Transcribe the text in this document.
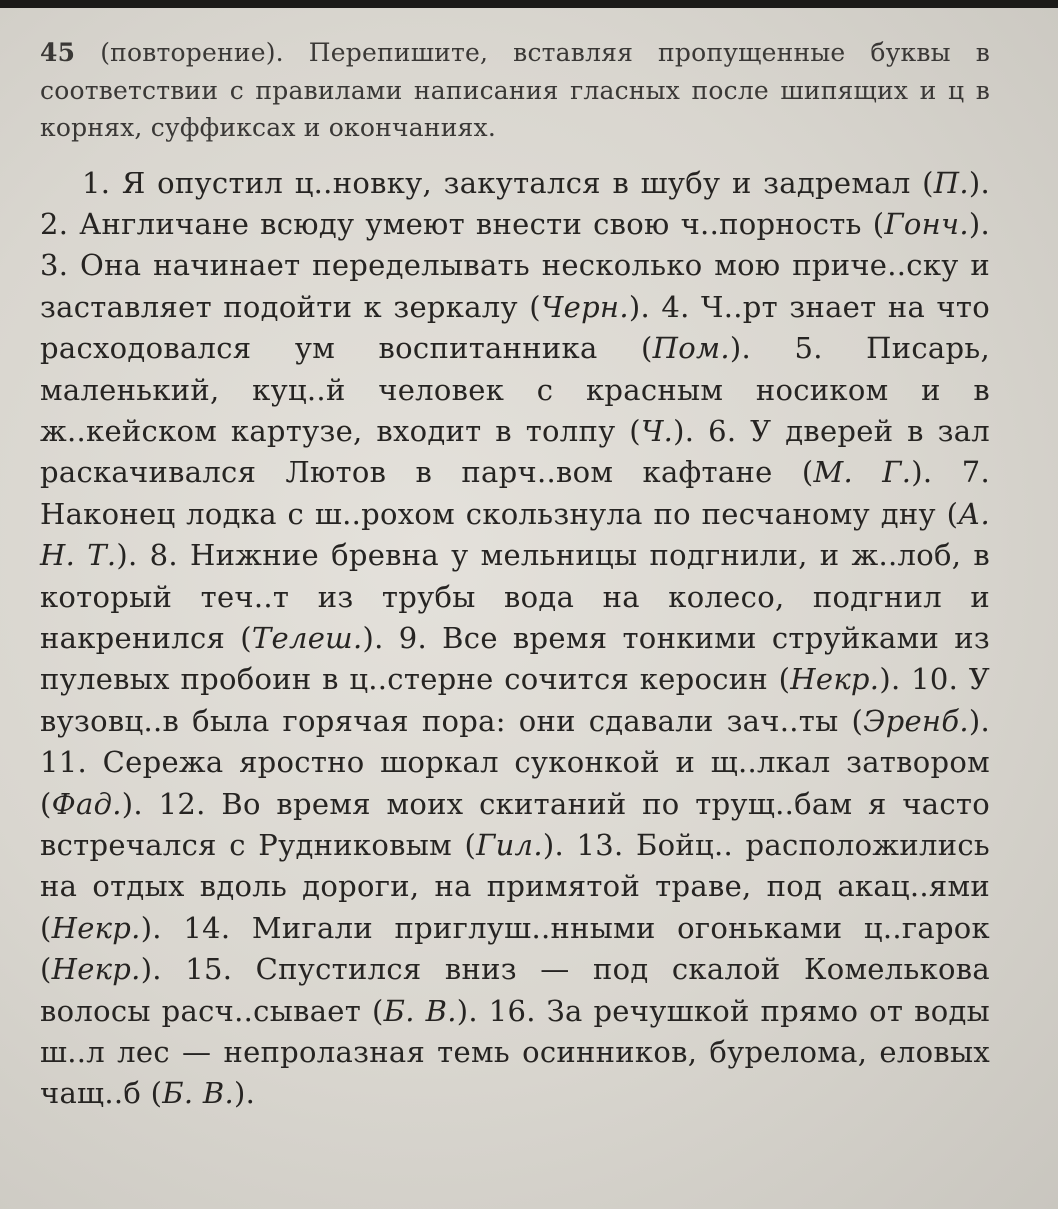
45 (повторение). Перепишите, вставляя пропущенные буквы в соответствии с правилами написания гласных после шипящих и ц в корнях, суффиксах и окончаниях.

1. Я опустил ц..новку, закутался в шубу и задремал (П.). 2. Англичане всюду умеют внести свою ч..порность (Гонч.). 3. Она начинает переделывать несколько мою приче..ску и заставляет подойти к зеркалу (Черн.). 4. Ч..рт знает на что расходовался ум воспитанника (Пом.). 5. Писарь, маленький, куц..й человек с красным носиком и в ж..кейском картузе, входит в толпу (Ч.). 6. У дверей в зал раскачивался Лютов в парч..вом кафтане (М. Г.). 7. Наконец лодка с ш..рохом скользнула по песчаному дну (А. Н. Т.). 8. Нижние бревна у мельницы подгнили, и ж..лоб, в который теч..т из трубы вода на колесо, подгнил и накренился (Телеш.). 9. Все время тонкими струйками из пулевых пробоин в ц..стерне сочится керосин (Некр.). 10. У вузовц..в была горячая пора: они сдавали зач..ты (Эренб.). 11. Сережа яростно шоркал суконкой и щ..лкал затвором (Фад.). 12. Во время моих скитаний по трущ..бам я часто встречался с Рудниковым (Гил.). 13. Бойц.. расположились на отдых вдоль дороги, на примятой траве, под акац..ями (Некр.). 14. Мигали приглуш..нными огоньками ц..гарок (Некр.). 15. Спустился вниз — под скалой Комелькова волосы расч..сывает (Б. В.). 16. За речушкой прямо от воды ш..л лес — непролазная темь осинников, бурелома, еловых чащ..б (Б. В.).
